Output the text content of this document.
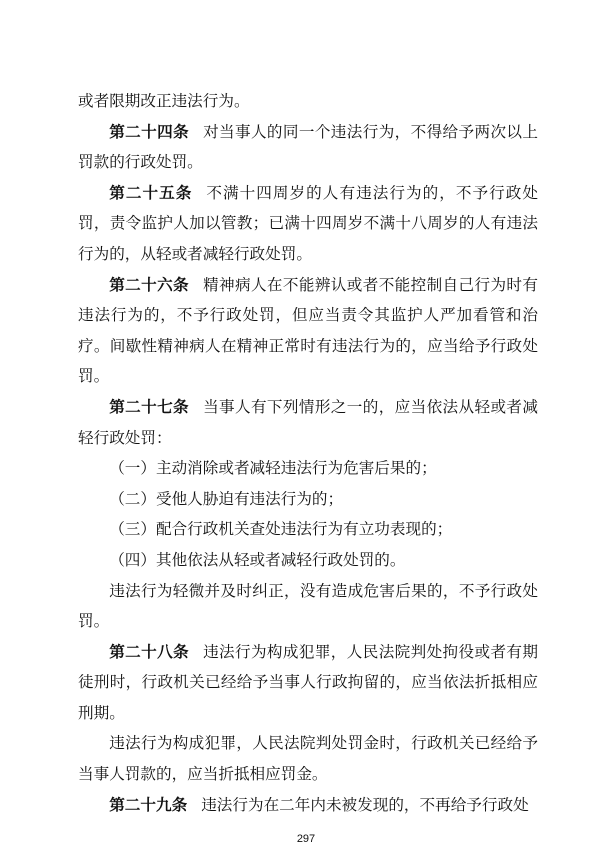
或者限期改正违法行为。

第二十四条 对当事人的同一个违法行为，不得给予两次以上罚款的行政处罚。

第二十五条 不满十四周岁的人有违法行为的，不予行政处罚，责令监护人加以管教；已满十四周岁不满十八周岁的人有违法行为的，从轻或者减轻行政处罚。

第二十六条 精神病人在不能辨认或者不能控制自己行为时有违法行为的，不予行政处罚，但应当责令其监护人严加看管和治疗。间歇性精神病人在精神正常时有违法行为的，应当给予行政处罚。

第二十七条 当事人有下列情形之一的，应当依法从轻或者减轻行政处罚：

（一）主动消除或者减轻违法行为危害后果的；

（二）受他人胁迫有违法行为的；

（三）配合行政机关查处违法行为有立功表现的；

（四）其他依法从轻或者减轻行政处罚的。

违法行为轻微并及时纠正，没有造成危害后果的，不予行政处罚。

第二十八条 违法行为构成犯罪，人民法院判处拘役或者有期徒刑时，行政机关已经给予当事人行政拘留的，应当依法折抵相应刑期。

违法行为构成犯罪，人民法院判处罚金时，行政机关已经给予当事人罚款的，应当折抵相应罚金。

第二十九条 违法行为在二年内未被发现的，不再给予行政处

297
